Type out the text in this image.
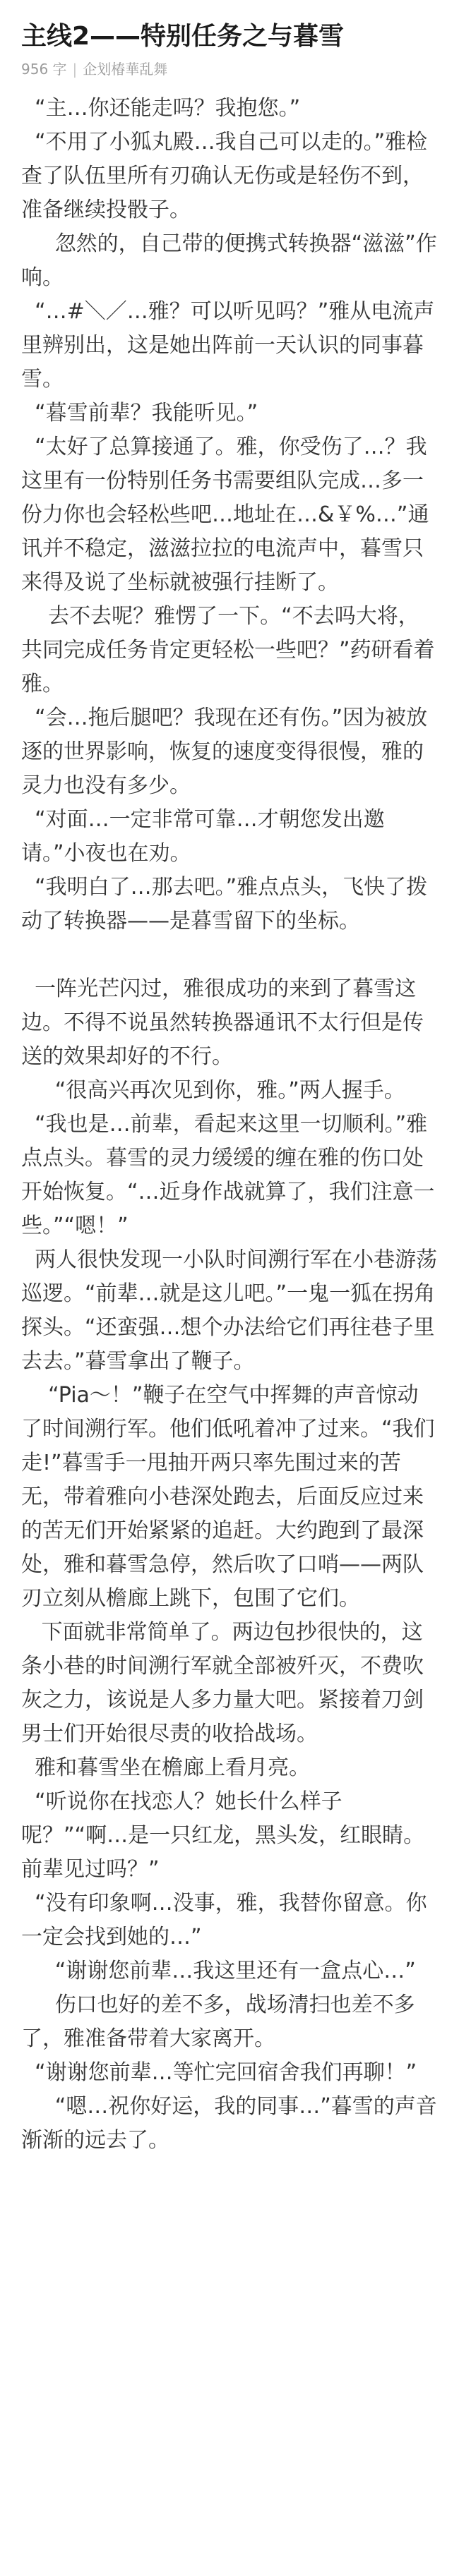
主线2——特别任务之与暮雪
956 字 | 企划椿華乱舞

“主…你还能走吗？我抱您。”

“不用了小狐丸殿…我自己可以走的。”雅检查了队伍里所有刃确认无伤或是轻伤不到，准备继续投骰子。

忽然的，自己带的便携式转换器“滋滋”作响。

“…#＼／…雅？可以听见吗？”雅从电流声里辨别出，这是她出阵前一天认识的同事暮雪。

“暮雪前辈？我能听见。”

“太好了总算接通了。雅，你受伤了…？我这里有一份特别任务书需要组队完成…多一份力你也会轻松些吧…地址在…&￥%…”通讯并不稳定，滋滋拉拉的电流声中，暮雪只来得及说了坐标就被强行挂断了。

去不去呢？雅愣了一下。“不去吗大将，共同完成任务肯定更轻松一些吧？”药研看着雅。

“会…拖后腿吧？我现在还有伤。”因为被放逐的世界影响，恢复的速度变得很慢，雅的灵力也没有多少。

“对面…一定非常可靠…才朝您发出邀请。”小夜也在劝。

“我明白了…那去吧。”雅点点头，飞快了拨动了转换器——是暮雪留下的坐标。

一阵光芒闪过，雅很成功的来到了暮雪这边。不得不说虽然转换器通讯不太行但是传送的效果却好的不行。

“很高兴再次见到你，雅。”两人握手。

“我也是…前辈，看起来这里一切顺利。”雅点点头。暮雪的灵力缓缓的缠在雅的伤口处开始恢复。“…近身作战就算了，我们注意一些。”“嗯！”

两人很快发现一小队时间溯行军在小巷游荡巡逻。“前辈…就是这儿吧。”一鬼一狐在拐角探头。“还蛮强…想个办法给它们再往巷子里去去。”暮雪拿出了鞭子。

“Pia～！”鞭子在空气中挥舞的声音惊动了时间溯行军。他们低吼着冲了过来。“我们走!”暮雪手一甩抽开两只率先围过来的苦无，带着雅向小巷深处跑去，后面反应过来的苦无们开始紧紧的追赶。大约跑到了最深处，雅和暮雪急停，然后吹了口哨——两队刃立刻从檐廊上跳下，包围了它们。

下面就非常简单了。两边包抄很快的，这条小巷的时间溯行军就全部被歼灭，不费吹灰之力，该说是人多力量大吧。紧接着刀剑男士们开始很尽责的收拾战场。

雅和暮雪坐在檐廊上看月亮。

“听说你在找恋人？她长什么样子呢？”“啊…是一只红龙，黑头发，红眼睛。前辈见过吗？”

“没有印象啊…没事，雅，我替你留意。你一定会找到她的…”

“谢谢您前辈…我这里还有一盒点心…”

伤口也好的差不多，战场清扫也差不多了，雅准备带着大家离开。

“谢谢您前辈…等忙完回宿舍我们再聊！”

“嗯…祝你好运，我的同事…”暮雪的声音渐渐的远去了。
